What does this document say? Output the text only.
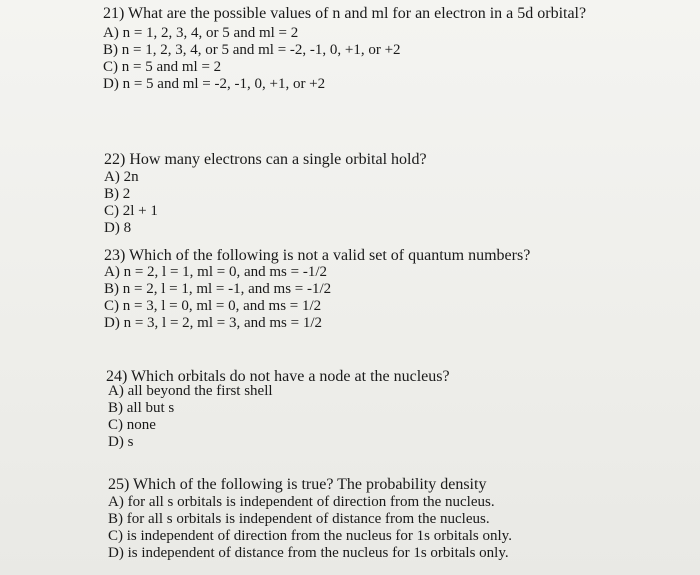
21) What are the possible values of n and ml for an electron in a 5d orbital?
A) n = 1, 2, 3, 4, or 5 and ml = 2
B) n = 1, 2, 3, 4, or 5 and ml = -2, -1, 0, +1, or +2
C) n = 5 and ml = 2
D) n = 5 and ml = -2, -1, 0, +1, or +2
22) How many electrons can a single orbital hold?
A) 2n
B) 2
C) 2l + 1
D) 8
23) Which of the following is not a valid set of quantum numbers?
A) n = 2, l = 1, ml = 0, and ms = -1/2
B) n = 2, l = 1, ml = -1, and ms = -1/2
C) n = 3, l = 0, ml = 0, and ms = 1/2
D) n = 3, l = 2, ml = 3, and ms = 1/2
24) Which orbitals do not have a node at the nucleus?
A) all beyond the first shell
B) all but s
C) none
D) s
25) Which of the following is true? The probability density
A) for all s orbitals is independent of direction from the nucleus.
B) for all s orbitals is independent of distance from the nucleus.
C) is independent of direction from the nucleus for 1s orbitals only.
D) is independent of distance from the nucleus for 1s orbitals only.
